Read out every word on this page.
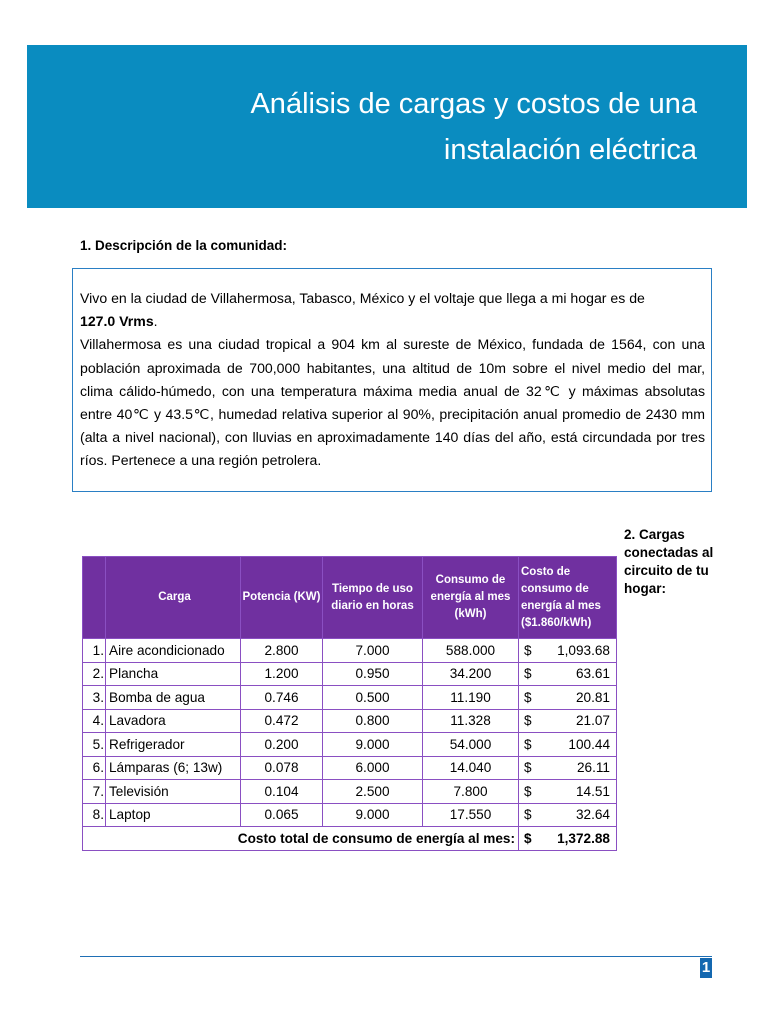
Análisis de cargas y costos de una
instalación eléctrica
1. Descripción de la comunidad:

Vivo en la ciudad de Villahermosa, Tabasco, México y el voltaje que llega a mi hogar es de
127.0 Vrms.

Villahermosa es una ciudad tropical a 904 km al sureste de México, fundada de 1564, con una población aproximada de 700,000 habitantes, una altitud de 10m sobre el nivel medio del mar, clima cálido-húmedo, con una temperatura máxima media anual de 32℃ y máximas absolutas entre 40℃ y 43.5℃, humedad relativa superior al 90%, precipitación anual promedio de 2430 mm (alta a nivel nacional), con lluvias en aproximadamente 140 días del año, está circundada por tres ríos. Pertenece a una región petrolera.

2. Cargas conectadas al circuito de tu hogar:
	Carga	Potencia (KW)	Tiempo de uso diario en horas	Consumo de energía al mes (kWh)	Costo de consumo de energía al mes ($1.860/kWh)
1.	Aire acondicionado	2.800	7.000	588.000	$ 1,093.68

2.	Plancha	1.200	0.950	34.200	$ 63.61

3.	Bomba de agua	0.746	0.500	11.190	$ 20.81

4.	Lavadora	0.472	0.800	11.328	$ 21.07

5.	Refrigerador	0.200	9.000	54.000	$ 100.44

6.	Lámparas (6; 13w)	0.078	6.000	14.040	$ 26.11

7.	Televisión	0.104	2.500	7.800	$ 14.51

8.	Laptop	0.065	9.000	17.550	$ 32.64

Costo total de consumo de energía al mes:					$ 1,372.88
1
